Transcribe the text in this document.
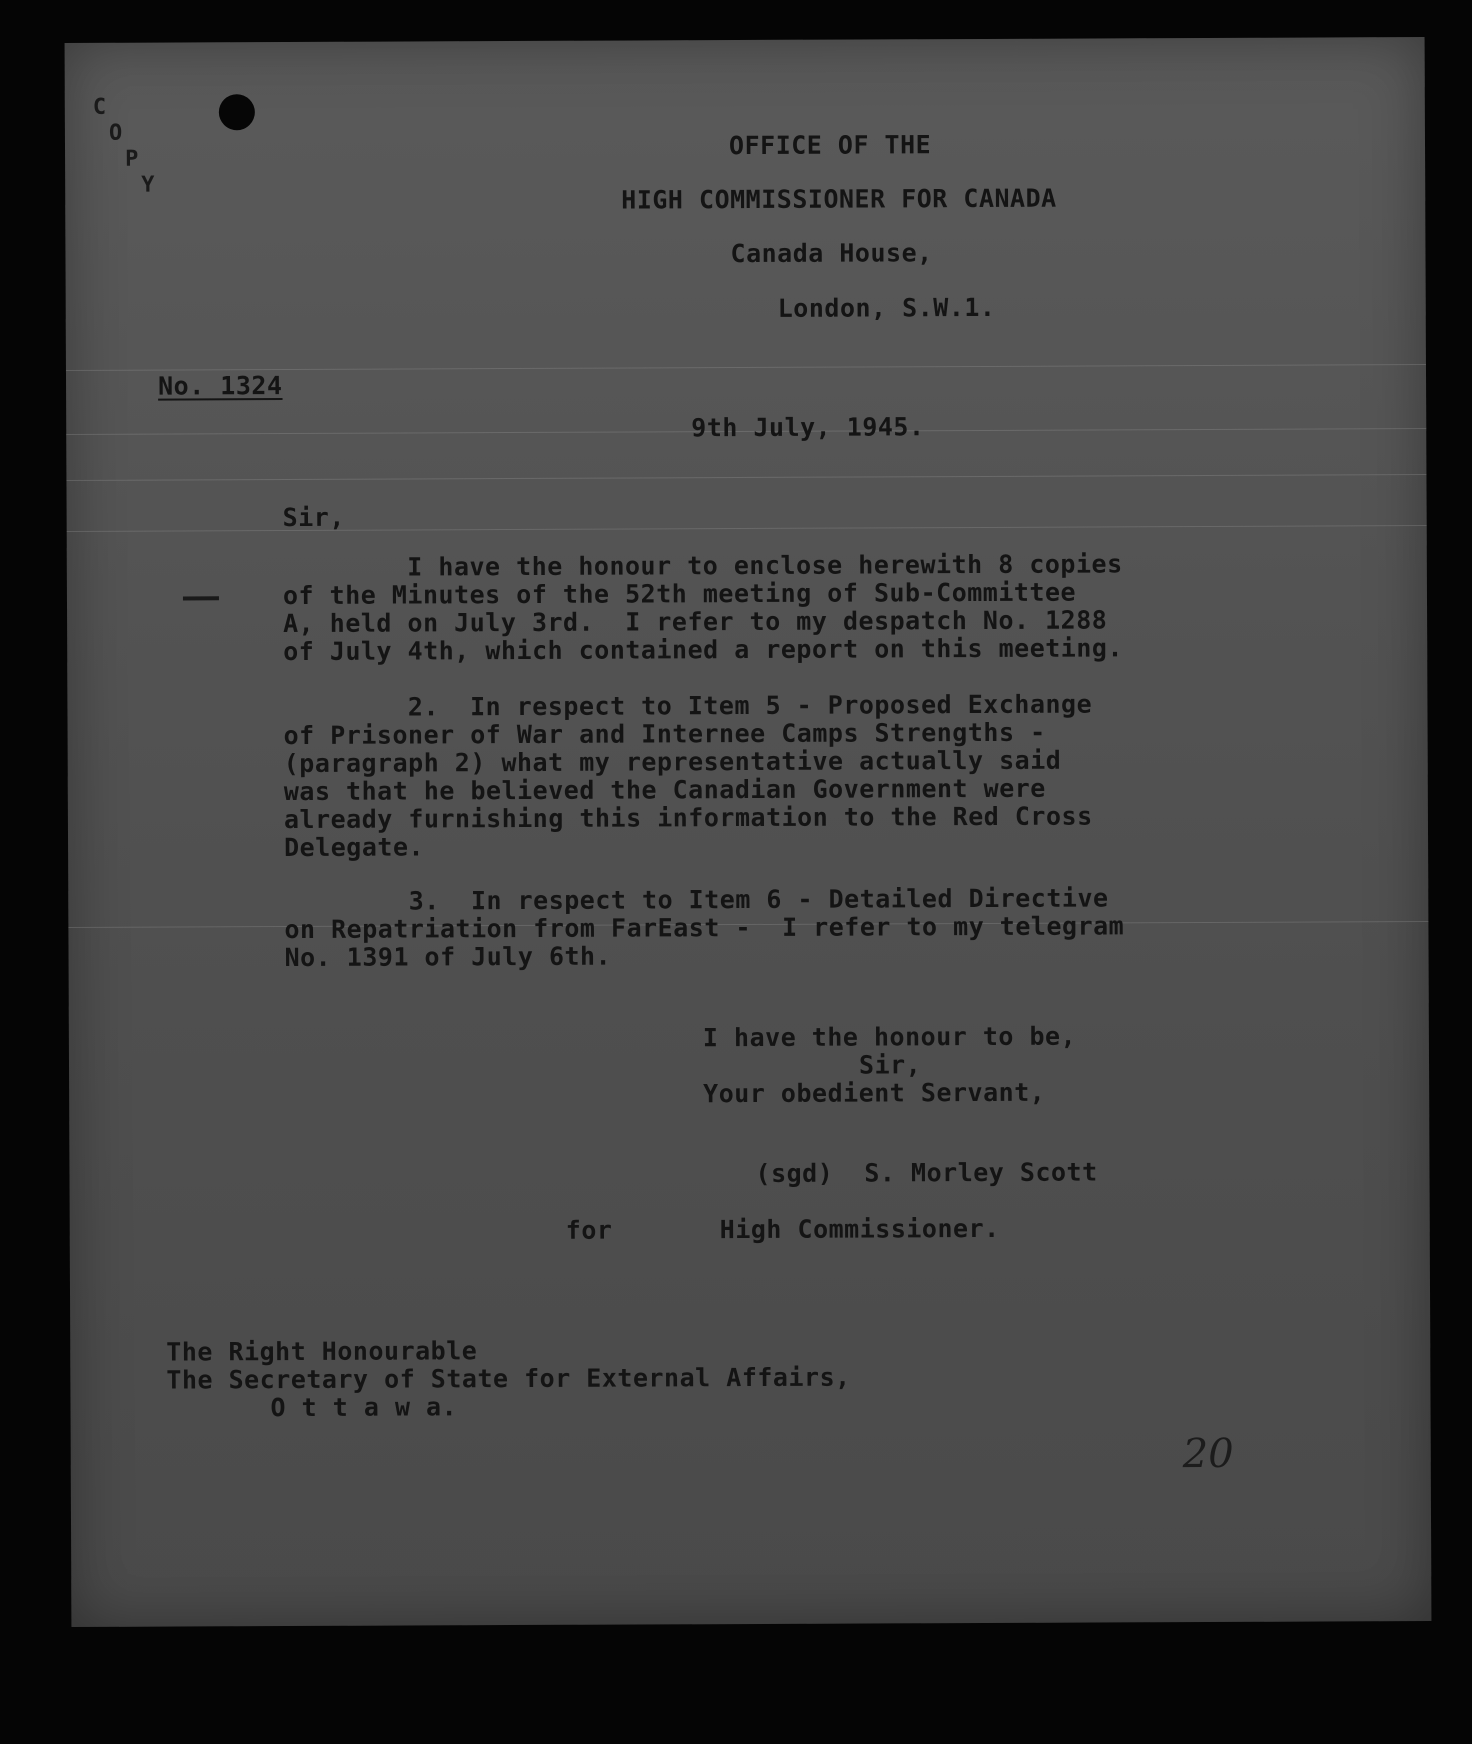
C
O
P
Y
OFFICE OF THE
HIGH COMMISSIONER FOR CANADA
Canada House,
London, S.W.1.
No. 1324
9th July, 1945.
Sir,
I have the honour to enclose herewith 8 copies
of the Minutes of the 52th meeting of Sub-Committee
A, held on July 3rd.  I refer to my despatch No. 1288
of July 4th, which contained a report on this meeting.
2.  In respect to Item 5 - Proposed Exchange
of Prisoner of War and Internee Camps Strengths -
(paragraph 2) what my representative actually said
was that he believed the Canadian Government were
already furnishing this information to the Red Cross
Delegate.
3.  In respect to Item 6 - Detailed Directive
on Repatriation from FarEast -  I refer to my telegram
No. 1391 of July 6th.
I have the honour to be,
Sir,
Your obedient Servant,
(sgd)  S. Morley Scott
for	High Commissioner.
The Right Honourable
The Secretary of State for External Affairs,
O t t a w a.
20
